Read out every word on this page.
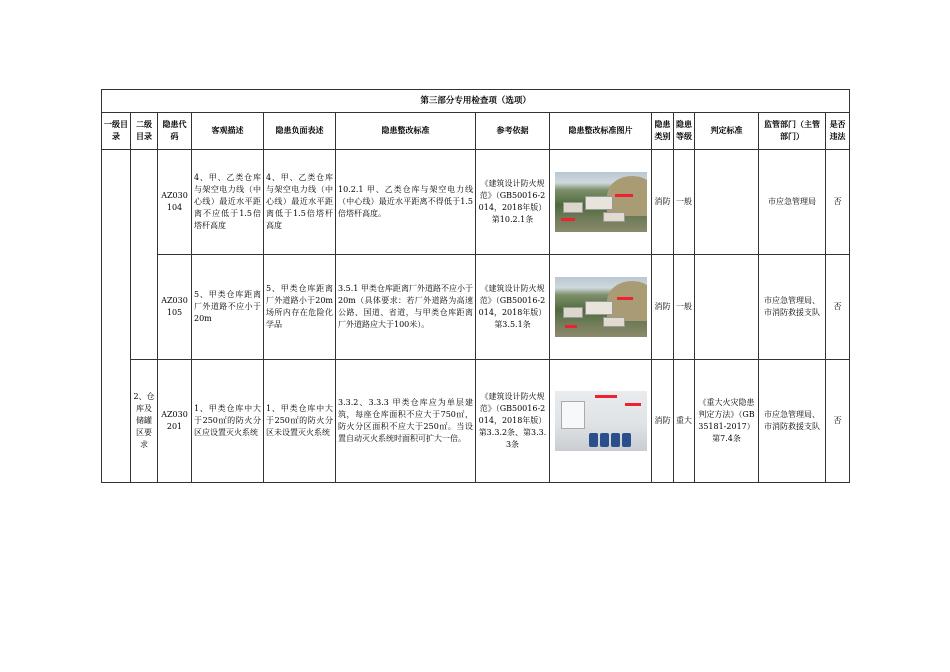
第三部分专用检查项（选项）												
一级目录	二级目录	隐患代码	客观描述	隐患负面表述	隐患整改标准	参考依据	隐患整改标准图片	隐患类别	隐患等级	判定标准	监管部门（主管部门）	是否违法
		AZ030104	4、甲、乙类仓库与架空电力线（中心线）最近水平距离不应低于1.5倍塔杆高度	4、甲、乙类仓库与架空电力线（中心线）最近水平距离低于1.5倍塔杆高度	10.2.1 甲、乙类仓库与架空电力线（中心线）最近水平距离不得低于1.5倍塔杆高度。	《建筑设计防火规范》（GB50016-2014，2018年版）第10.2.1条		消防	一般		市应急管理局	否
		AZ030105	5、甲类仓库距离厂外道路不应小于20m	5、甲类仓库距离厂外道路小于20m　场所内存在危险化学品	3.5.1 甲类仓库距离厂外道路不应小于20m（具体要求：若厂外道路为高速公路、国道、省道，与甲类仓库距离厂外道路应大于100米）。	《建筑设计防火规范》（GB50016-2014，2018年版）第3.5.1条		消防	一般		市应急管理局、市消防救援支队	否
	2、仓库及储罐区要求	AZ030201	1、甲类仓库中大于250㎡的防火分区应设置灭火系统	1、甲类仓库中大于250㎡的防火分区未设置灭火系统	3.3.2、3.3.3 甲类仓库应为单层建筑，每座仓库面积不应大于750㎡，防火分区面积不应大于250㎡。当设置自动灭火系统时面积可扩大一倍。	《建筑设计防火规范》（GB50016-2014，2018年版）第3.3.2条、第3.3.3条		消防	重大	《重大火灾隐患判定方法》（GB35181-2017）第7.4条	市应急管理局、市消防救援支队	否
